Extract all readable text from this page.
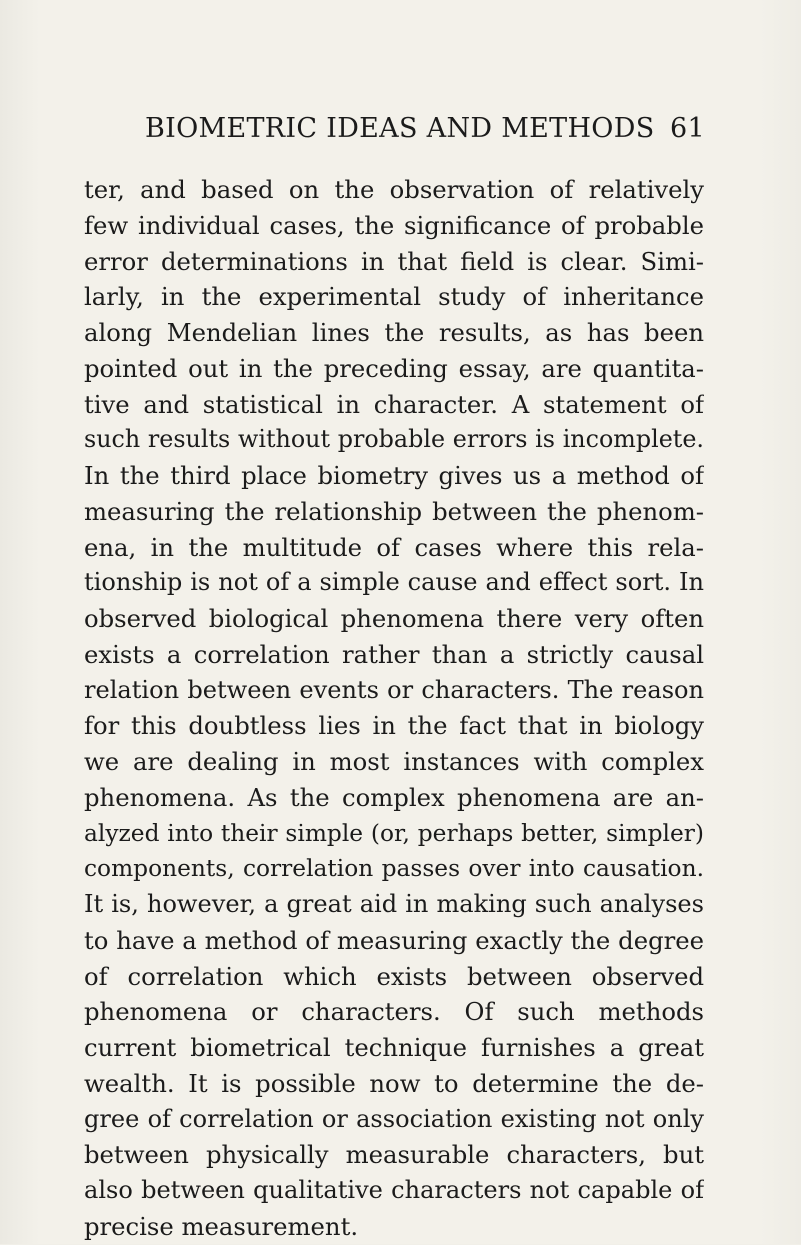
BIOMETRIC IDEAS AND METHODS 61
ter, and based on the observation of relatively
few individual cases, the significance of probable
error determinations in that field is clear. Simi-
larly, in the experimental study of inheritance
along Mendelian lines the results, as has been
pointed out in the preceding essay, are quantita-
tive and statistical in character. A statement of
such results without probable errors is incomplete.
In the third place biometry gives us a method of
measuring the relationship between the phenom-
ena, in the multitude of cases where this rela-
tionship is not of a simple cause and effect sort. In
observed biological phenomena there very often
exists a correlation rather than a strictly causal
relation between events or characters. The reason
for this doubtless lies in the fact that in biology
we are dealing in most instances with complex
phenomena. As the complex phenomena are an-
alyzed into their simple (or, perhaps better, simpler)
components, correlation passes over into causation.
It is, however, a great aid in making such analyses
to have a method of measuring exactly the degree
of correlation which exists between observed
phenomena or characters. Of such methods
current biometrical technique furnishes a great
wealth. It is possible now to determine the de-
gree of correlation or association existing not only
between physically measurable characters, but
also between qualitative characters not capable of
precise measurement.
